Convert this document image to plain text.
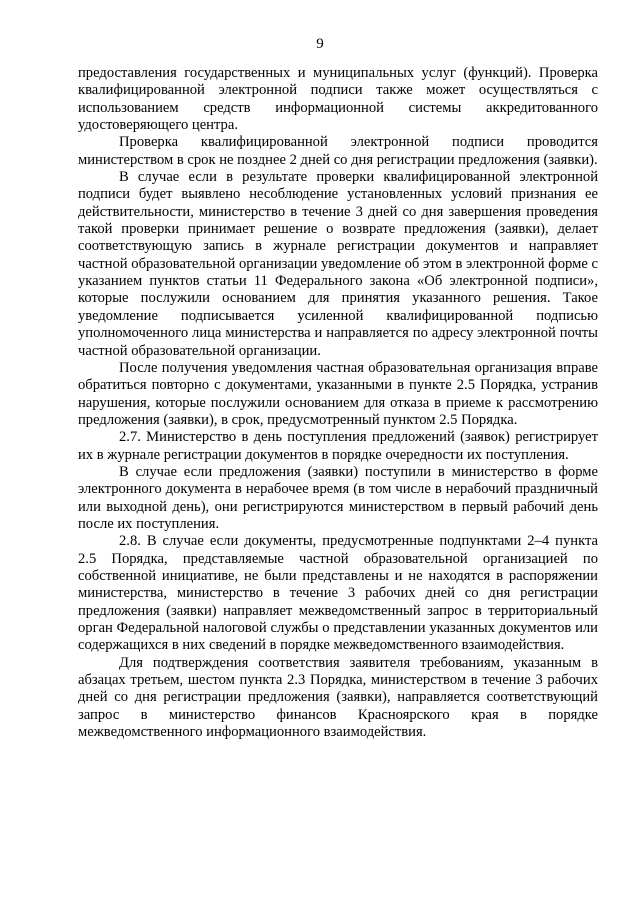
9

предоставления государственных и муниципальных услуг (функций). Проверка квалифицированной электронной подписи также может осуществляться с использованием средств информационной системы аккредитованного удостоверяющего центра.

Проверка квалифицированной электронной подписи проводится министерством в срок не позднее 2 дней со дня регистрации предложения (заявки).

В случае если в результате проверки квалифицированной электронной подписи будет выявлено несоблюдение установленных условий признания ее действительности, министерство в течение 3 дней со дня завершения проведения такой проверки принимает решение о возврате предложения (заявки), делает соответствующую запись в журнале регистрации документов и направляет частной образовательной организации уведомление об этом в электронной форме с указанием пунктов статьи 11 Федерального закона «Об электронной подписи», которые послужили основанием для принятия указанного решения. Такое уведомление подписывается усиленной квалифицированной подписью уполномоченного лица министерства и направляется по адресу электронной почты частной образовательной организации.

После получения уведомления частная образовательная организация вправе обратиться повторно с документами, указанными в пункте 2.5 Порядка, устранив нарушения, которые послужили основанием для отказа в приеме к рассмотрению предложения (заявки), в срок, предусмотренный пунктом 2.5 Порядка.

2.7. Министерство в день поступления предложений (заявок) регистрирует их в журнале регистрации документов в порядке очередности их поступления.

В случае если предложения (заявки) поступили в министерство в форме электронного документа в нерабочее время (в том числе в нерабочий праздничный или выходной день), они регистрируются министерством в первый рабочий день после их поступления.

2.8. В случае если документы, предусмотренные подпунктами 2–4 пункта 2.5 Порядка, представляемые частной образовательной организацией по собственной инициативе, не были представлены и не находятся в распоряжении министерства, министерство в течение 3 рабочих дней со дня регистрации предложения (заявки) направляет межведомственный запрос в территориальный орган Федеральной налоговой службы о представлении указанных документов или содержащихся в них сведений в порядке межведомственного взаимодействия.

Для подтверждения соответствия заявителя требованиям, указанным в абзацах третьем, шестом пункта 2.3 Порядка, министерством в течение 3 рабочих дней со дня регистрации предложения (заявки), направляется соответствующий запрос в министерство финансов Красноярского края в порядке межведомственного информационного взаимодействия.
